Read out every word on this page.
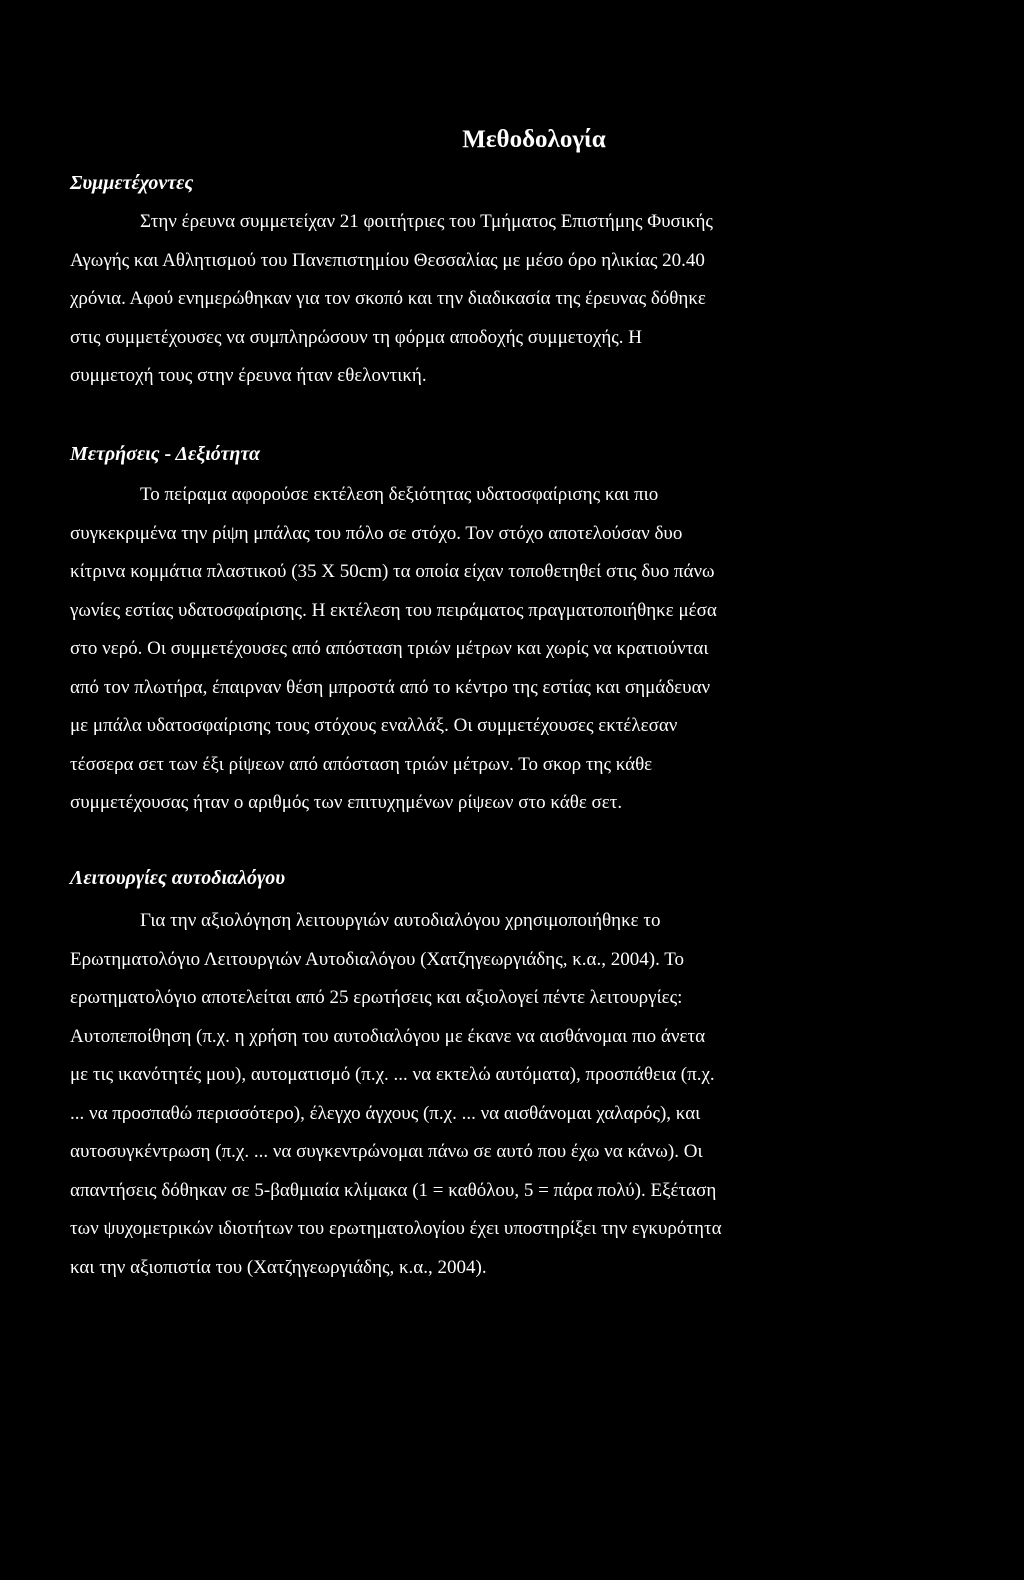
Μεθοδολογία
Συμμετέχοντες
Στην έρευνα συμμετείχαν 21 φοιτήτριες του Τμήματος Επιστήμης Φυσικής
Αγωγής και Αθλητισμού του Πανεπιστημίου Θεσσαλίας με μέσο όρο ηλικίας 20.40
χρόνια. Αφού ενημερώθηκαν για τον σκοπό και την διαδικασία της έρευνας δόθηκε
στις συμμετέχουσες να συμπληρώσουν τη φόρμα αποδοχής συμμετοχής. Η
συμμετοχή τους στην έρευνα ήταν εθελοντική.
Μετρήσεις - Δεξιότητα
Το πείραμα αφορούσε εκτέλεση δεξιότητας υδατοσφαίρισης και πιο
συγκεκριμένα την ρίψη μπάλας του πόλο σε στόχο. Τον στόχο αποτελούσαν δυο
κίτρινα κομμάτια πλαστικού (35 X 50cm) τα οποία είχαν τοποθετηθεί στις δυο πάνω
γωνίες εστίας υδατοσφαίρισης. Η εκτέλεση του πειράματος πραγματοποιήθηκε μέσα
στο νερό. Οι συμμετέχουσες από απόσταση τριών μέτρων και χωρίς να κρατιούνται
από τον πλωτήρα, έπαιρναν θέση μπροστά από το κέντρο της εστίας και σημάδευαν
με μπάλα υδατοσφαίρισης τους στόχους εναλλάξ. Οι συμμετέχουσες εκτέλεσαν
τέσσερα σετ των έξι ρίψεων από απόσταση τριών μέτρων. Το σκορ της κάθε
συμμετέχουσας ήταν ο αριθμός των επιτυχημένων ρίψεων στο κάθε σετ.
Λειτουργίες αυτοδιαλόγου
Για την αξιολόγηση λειτουργιών αυτοδιαλόγου χρησιμοποιήθηκε το
Ερωτηματολόγιο Λειτουργιών Αυτοδιαλόγου (Χατζηγεωργιάδης, κ.α., 2004). Το
ερωτηματολόγιο αποτελείται από 25 ερωτήσεις και αξιολογεί πέντε λειτουργίες:
Αυτοπεποίθηση (π.χ. η χρήση του αυτοδιαλόγου με έκανε να αισθάνομαι πιο άνετα
με τις ικανότητές μου), αυτοματισμό (π.χ. ... να εκτελώ αυτόματα), προσπάθεια (π.χ.
... να προσπαθώ περισσότερο), έλεγχο άγχους (π.χ. ... να αισθάνομαι χαλαρός), και
αυτοσυγκέντρωση (π.χ. ... να συγκεντρώνομαι πάνω σε αυτό που έχω να κάνω). Οι
απαντήσεις δόθηκαν σε 5-βαθμιαία κλίμακα (1 = καθόλου, 5 = πάρα πολύ). Εξέταση
των ψυχομετρικών ιδιοτήτων του ερωτηματολογίου έχει υποστηρίξει την εγκυρότητα
και την αξιοπιστία του (Χατζηγεωργιάδης, κ.α., 2004).
